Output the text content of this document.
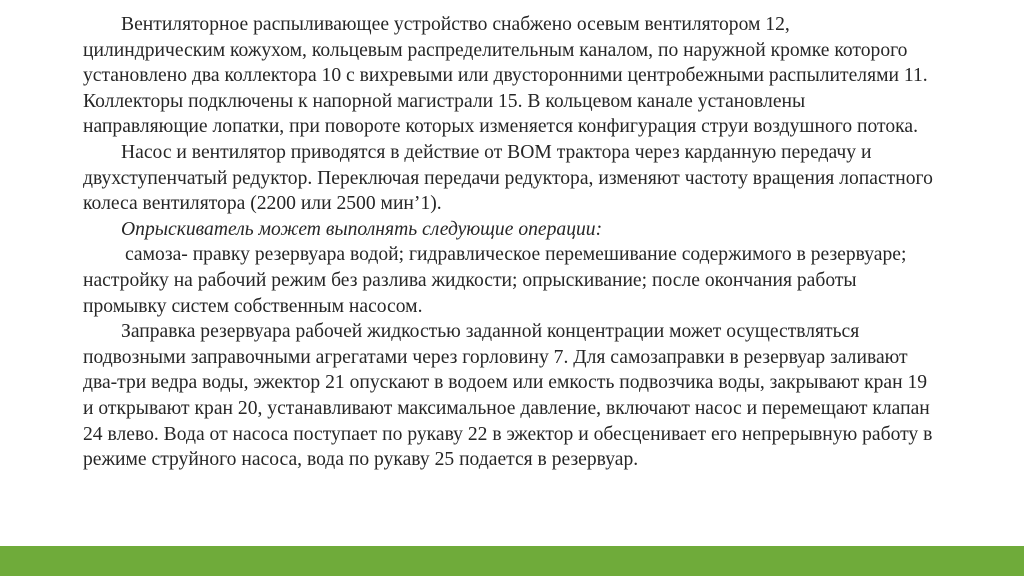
Вентиляторное распыливающее устройство снабжено осевым вентилятором 12, цилиндрическим кожухом, кольцевым распределительным каналом, по наружной кромке которого установлено два коллектора 10 с вихревыми или двусторонними центробежными распылителями 11. Коллекторы подключены к напорной магистрали 15. В кольцевом канале установлены направляющие лопатки, при повороте которых изменяется конфигурация струи воздушного потока.

Насос и вентилятор приводятся в действие от ВОМ трактора через карданную передачу и двухступенчатый редуктор. Переключая передачи редуктора, изменяют частоту вращения лопастного колеса вентилятора (2200 или 2500 мин’1).

Опрыскиватель может выполнять следующие операции:

самоза- правку резервуара водой; гидравлическое перемешивание содержимого в резервуаре; настройку на рабочий режим без разлива жидкости; опрыскивание; после окончания работы промывку систем собственным насосом.

Заправка резервуара рабочей жидкостью заданной концентрации может осуществляться подвозными заправочными агрегатами через горловину 7. Для самозаправки в резервуар заливают два-три ведра воды, эжектор 21 опускают в водоем или емкость подвозчика воды, закрывают кран 19 и открывают кран 20, устанавливают максимальное давление, включают насос и перемещают клапан 24 влево. Вода от насоса поступает по рукаву 22 в эжектор и обесценивает его непрерывную работу в режиме струйного насоса, вода по рукаву 25 подается в резервуар.
